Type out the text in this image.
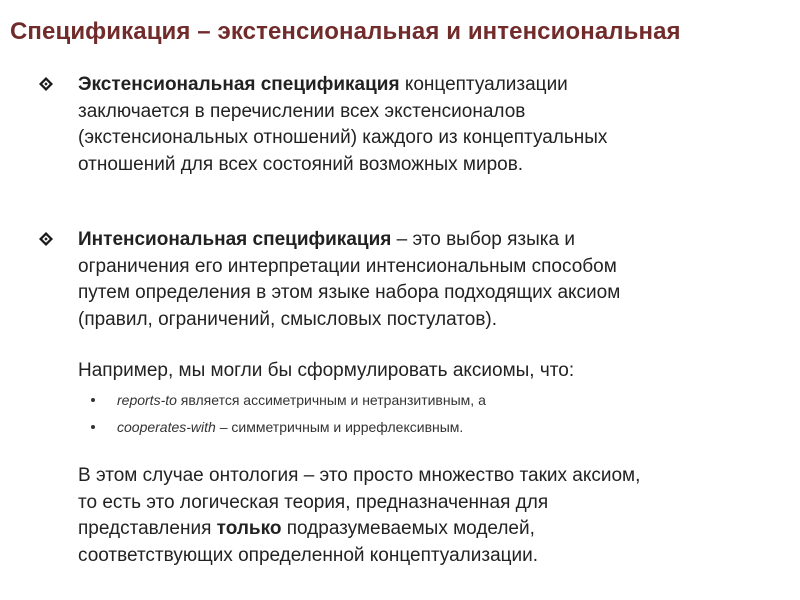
Спецификация – экстенсиональная и интенсиональная
Экстенсиональная спецификация концептуализации
заключается в перечислении всех экстенсионалов
(экстенсиональных отношений) каждого из концептуальных
отношений для всех состояний возможных миров.
Интенсиональная спецификация – это выбор языка и
ограничения его интерпретации интенсиональным способом
путем определения в этом языке набора подходящих аксиом
(правил, ограничений, смысловых постулатов).

Например, мы могли бы сформулировать аксиомы, что:

reports-to является ассиметричным и нетранзитивным, а
cooperates-with – симметричным и иррефлексивным.

В этом случае онтология – это просто множество таких аксиом,
то есть это логическая теория, предназначенная для
представления только подразумеваемых моделей,
соответствующих определенной концептуализации.
